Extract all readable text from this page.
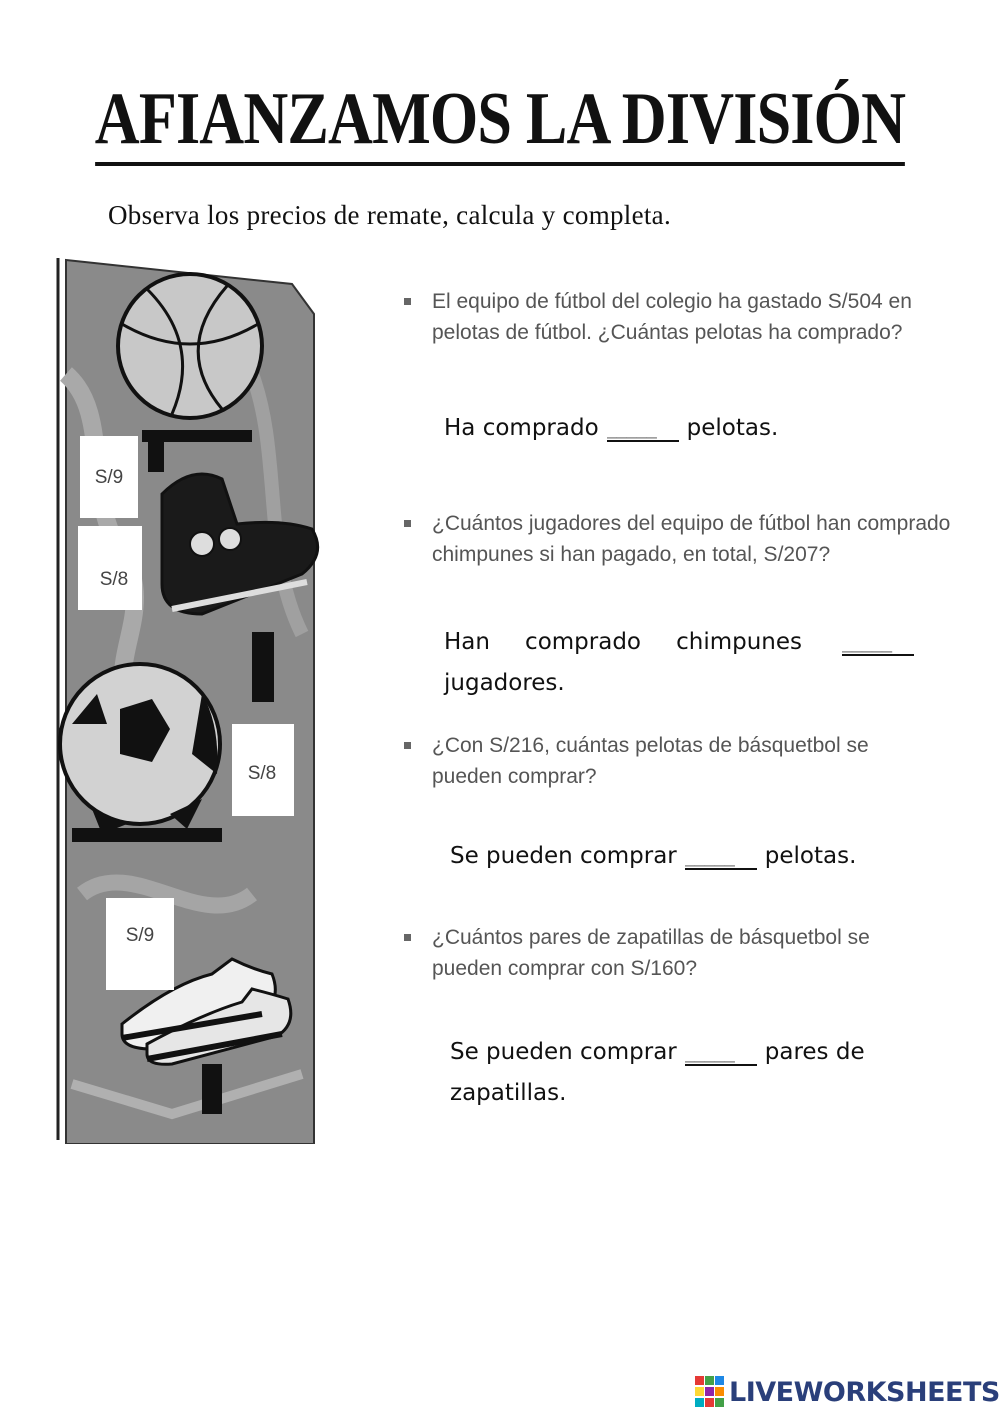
AFIANZAMOS LA DIVISIÓN
Observa los precios de remate, calcula y completa.
S/9
S/8
S/8
S/9
El equipo de fútbol del colegio ha gastado S/504 en pelotas de fútbol. ¿Cuántas pelotas ha comprado?
Ha comprado_____	pelotas.
¿Cuántos jugadores del equipo de fútbol han comprado chimpunes si han pagado, en total, S/207?
Han comprado chimpunes_____jugadores.
¿Con S/216, cuántas pelotas de básquetbol se pueden comprar?
Se pueden comprar_____	pelotas.
¿Cuántos pares de zapatillas de básquetbol se pueden comprar con S/160?
Se pueden comprar_____	pares de zapatillas.
LIVEWORKSHEETS
